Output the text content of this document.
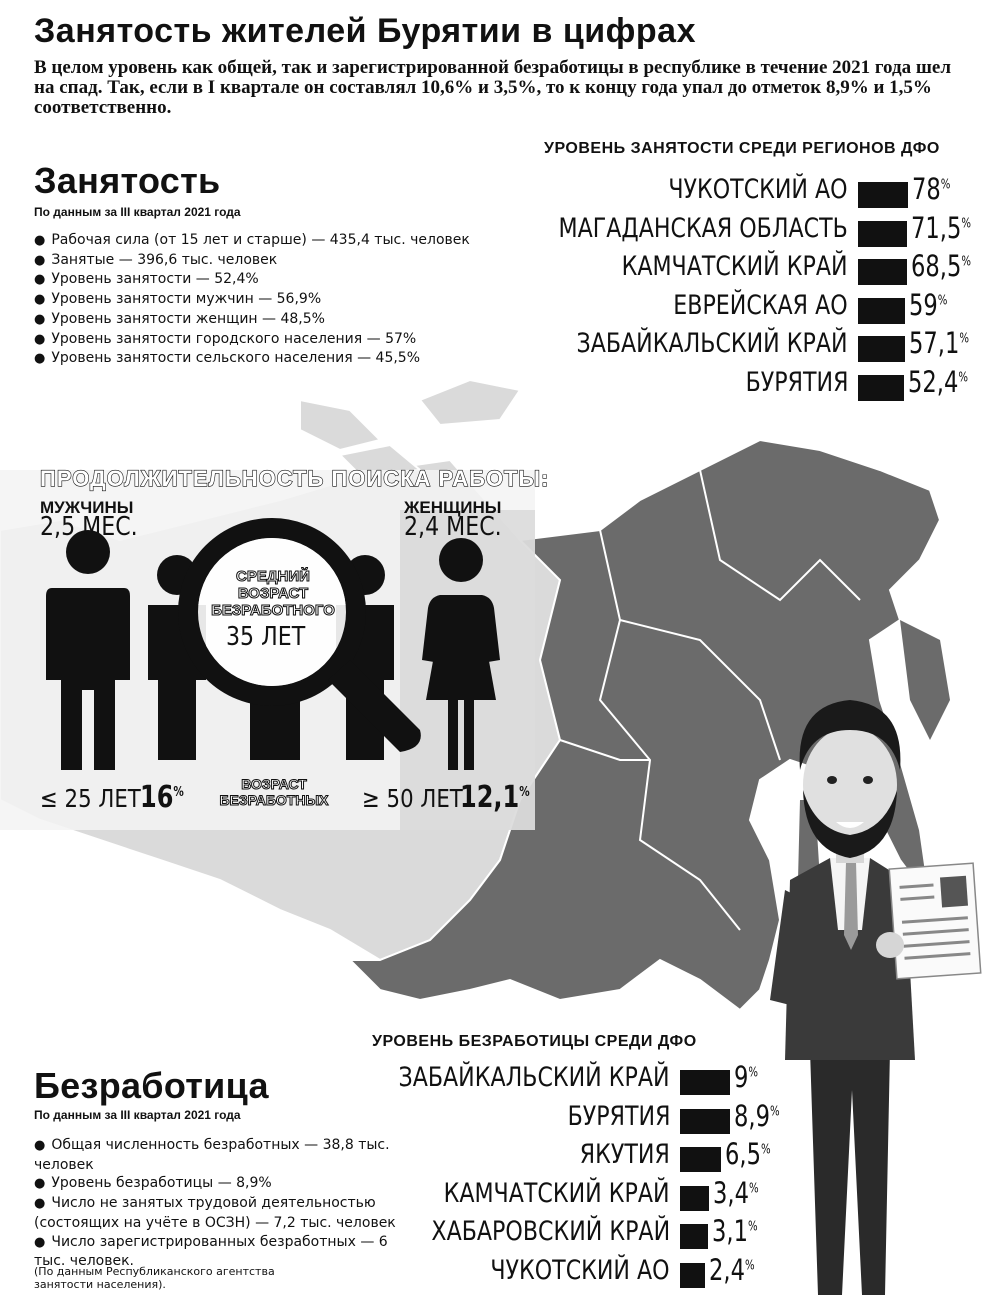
Занятость жителей Бурятии в цифрах
В целом уровень как общей, так и зарегистрированной безработицы в республике в течение 2021 года шел на спад. Так, если в I квартале он составлял 10,6% и 3,5%, то к концу года упал до отметок 8,9% и 1,5% соответственно.
Занятость
По данным за III квартал 2021 года
● Рабочая сила (от 15 лет и старше) — 435,4 тыс. человек
● Занятые — 396,6 тыс. человек
● Уровень занятости — 52,4%
● Уровень занятости мужчин — 56,9%
● Уровень занятости женщин — 48,5%
● Уровень занятости городского населения — 57%
● Уровень занятости сельского населения — 45,5%
УРОВЕНЬ ЗАНЯТОСТИ СРЕДИ РЕГИОНОВ ДФО
ЧУКОТСКИЙ АО 78%
МАГАДАНСКАЯ ОБЛАСТЬ 71,5%
КАМЧАТСКИЙ КРАЙ 68,5%
ЕВРЕЙСКАЯ АО 59%
ЗАБАЙКАЛЬСКИЙ КРАЙ 57,1%
БУРЯТИЯ 52,4%
ПРОДОЛЖИТЕЛЬНОСТЬ ПОИСКА РАБОТЫ:
МУЖЧИНЫ
2,5 МЕС.
ЖЕНЩИНЫ
2,4 МЕС.
СРЕДНИЙ
ВОЗРАСТ
БЕЗРАБОТНОГО
35 ЛЕТ
ВОЗРАСТ
БЕЗРАБОТНЫХ
≤ 25 ЛЕТ 16%	≥ 50 ЛЕТ
12,1%
УРОВЕНЬ БЕЗРАБОТИЦЫ СРЕДИ ДФО
ЗАБАЙКАЛЬСКИЙ КРАЙ 9%
БУРЯТИЯ 8,9%
ЯКУТИЯ 6,5%
КАМЧАТСКИЙ КРАЙ 3,4%
ХАБАРОВСКИЙ КРАЙ 3,1%
ЧУКОТСКИЙ АО 2,4%
Безработица
По данным за III квартал 2021 года
● Общая численность безработных — 38,8 тыс. человек
● Уровень безработицы — 8,9%
● Число не занятых трудовой деятельностью (состоящих на учёте в ОСЗН) — 7,2 тыс. человек
● Число зарегистрированных безработных — 6 тыс. человек.
(По данным Республиканского агентства занятости населения).
